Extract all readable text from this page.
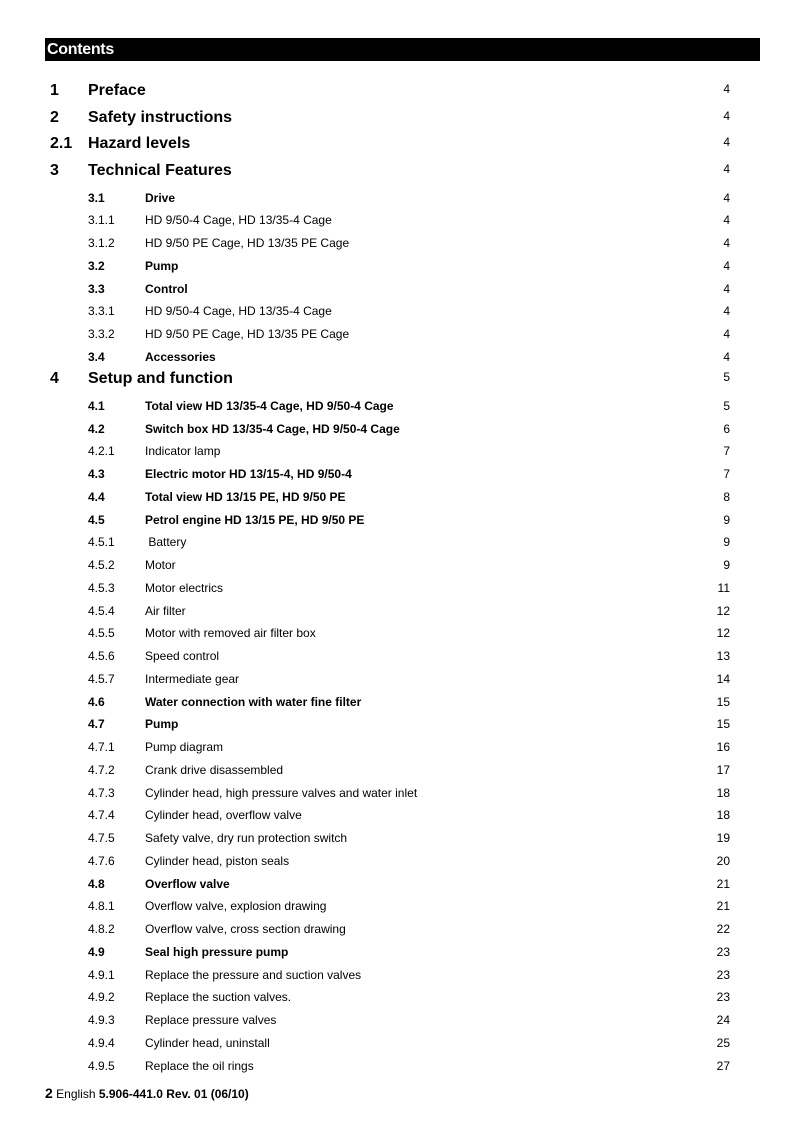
Contents
1 Preface	4
2 Safety instructions	4
2.1 Hazard levels	4
3 Technical Features	4
3.1	Drive	4
3.1.1	HD 9/50-4 Cage, HD 13/35-4 Cage	4
3.1.2	HD 9/50 PE Cage, HD 13/35 PE Cage	4
3.2	Pump	4
3.3	Control	4
3.3.1	HD 9/50-4 Cage, HD 13/35-4 Cage	4
3.3.2	HD 9/50 PE Cage, HD 13/35 PE Cage	4
3.4	Accessories	4
4 Setup and function	5
4.1	Total view HD 13/35-4 Cage, HD 9/50-4 Cage	5
4.2	Switch box HD 13/35-4 Cage, HD 9/50-4 Cage	6
4.2.1	Indicator lamp	7
4.3	Electric motor HD 13/15-4, HD 9/50-4	7
4.4	Total view HD 13/15 PE, HD 9/50 PE	8
4.5	Petrol engine HD 13/15 PE, HD 9/50 PE	9
4.5.1	Battery	9
4.5.2	Motor	9
4.5.3	Motor electrics	11
4.5.4	Air filter	12
4.5.5	Motor with removed air filter box	12
4.5.6	Speed control	13
4.5.7	Intermediate gear	14
4.6	Water connection with water fine filter	15
4.7	Pump	15
4.7.1	Pump diagram	16
4.7.2	Crank drive disassembled	17
4.7.3	Cylinder head, high pressure valves and water inlet	18
4.7.4	Cylinder head, overflow valve	18
4.7.5	Safety valve, dry run protection switch	19
4.7.6	Cylinder head, piston seals	20
4.8	Overflow valve	21
4.8.1	Overflow valve, explosion drawing	21
4.8.2	Overflow valve, cross section drawing	22
4.9	Seal high pressure pump	23
4.9.1	Replace the pressure and suction valves	23
4.9.2	Replace the suction valves.	23
4.9.3	Replace pressure valves	24
4.9.4	Cylinder head, uninstall	25
4.9.5	Replace the oil rings	27
2 English 5.906-441.0 Rev. 01 (06/10)
